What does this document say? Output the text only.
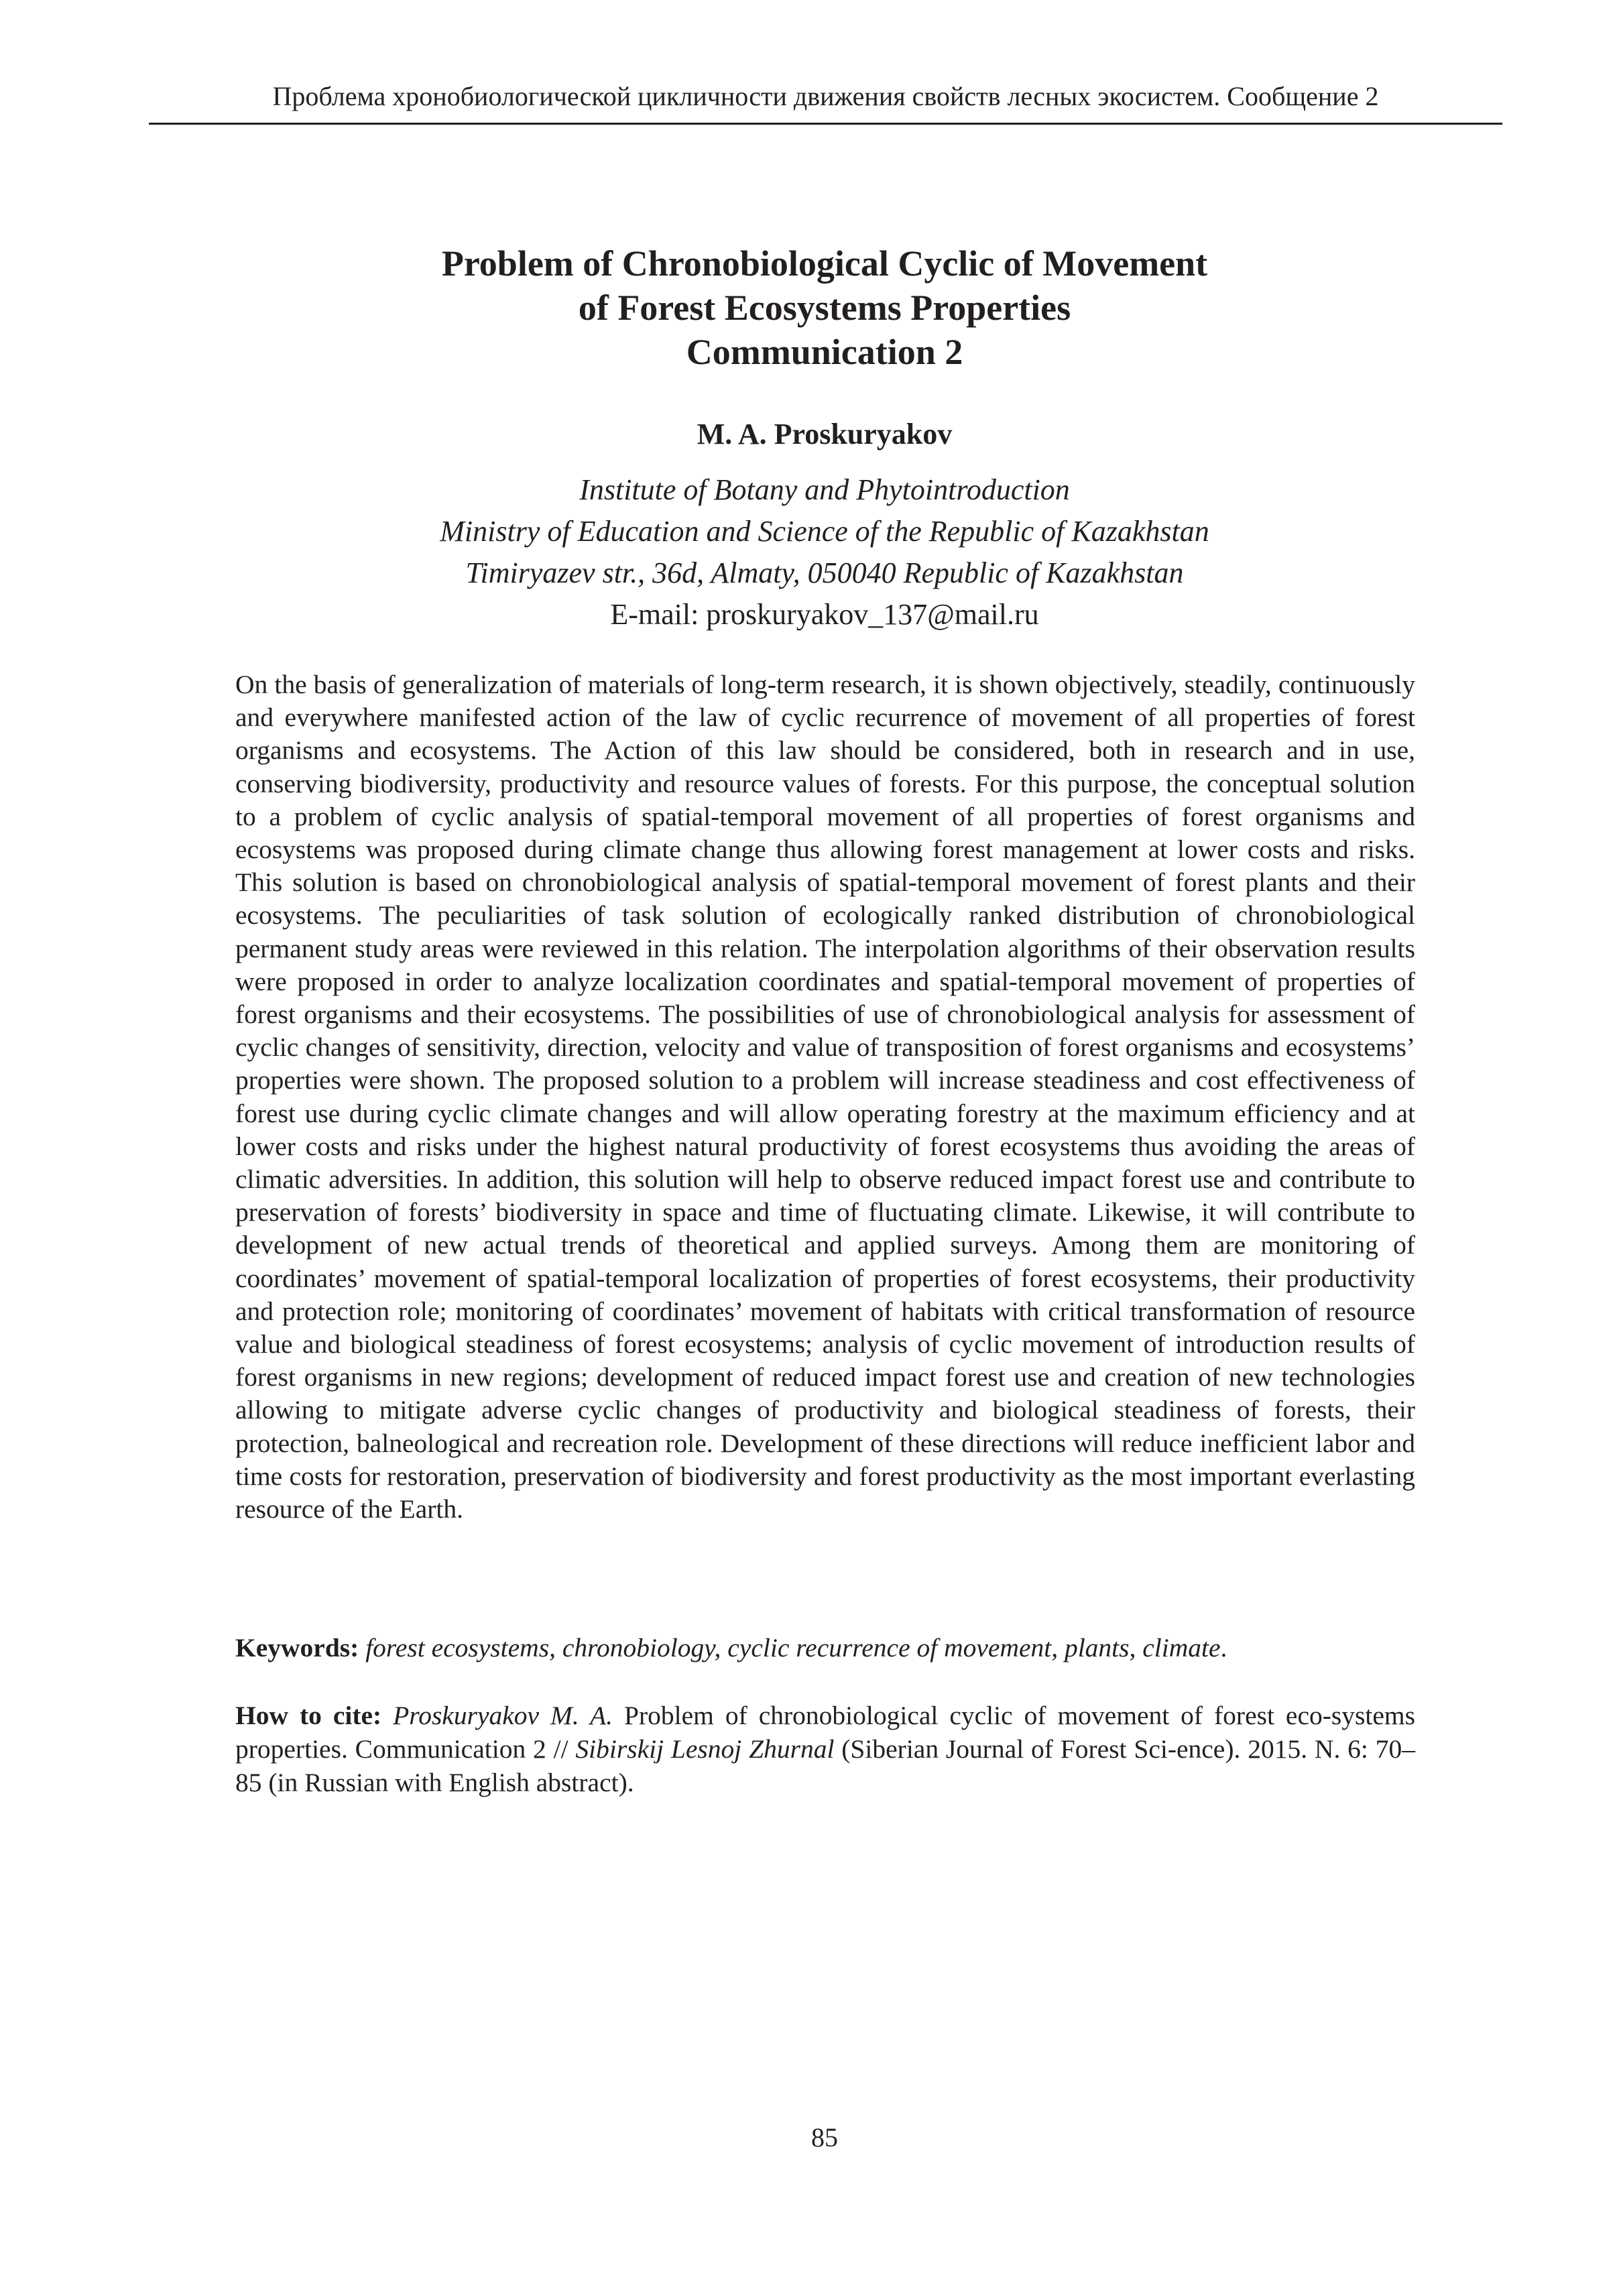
Проблема хронобиологической цикличности движения свойств лесных экосистем. Сообщение 2
Problem of Chronobiological Cyclic of Movement
of Forest Ecosystems Properties
Communication 2
M. A. Proskuryakov
Institute of Botany and Phytointroduction
Ministry of Education and Science of the Republic of Kazakhstan
Timiryazev str., 36d, Almaty, 050040 Republic of Kazakhstan
E-mail: proskuryakov_137@mail.ru

On the basis of generalization of materials of long-term research, it is shown objectively, steadily, continuously and everywhere manifested action of the law of cyclic recurrence of movement of all properties of forest organisms and ecosystems. The Action of this law should be considered, both in research and in use, conserving biodiversity, productivity and resource values of forests. For this purpose, the conceptual solution to a problem of cyclic analysis of spatial-temporal movement of all properties of forest organisms and ecosystems was proposed during climate change thus allowing forest management at lower costs and risks. This solution is based on chronobiological analysis of spatial-temporal movement of forest plants and their ecosystems. The peculiarities of task solution of ecologically ranked distribution of chronobiological permanent study areas were reviewed in this relation. The interpolation algorithms of their observation results were proposed in order to analyze localization coordinates and spatial-temporal movement of properties of forest organisms and their ecosystems. The possibilities of use of chronobiological analysis for assessment of cyclic changes of sensitivity, direction, velocity and value of transposition of forest organisms and ecosystems’ properties were shown. The proposed solution to a problem will increase steadiness and cost effectiveness of forest use during cyclic climate changes and will allow operating forestry at the maximum efficiency and at lower costs and risks under the highest natural productivity of forest ecosystems thus avoiding the areas of climatic adversities. In addition, this solution will help to observe reduced impact forest use and contribute to preservation of forests’ biodiversity in space and time of fluctuating climate. Likewise, it will contribute to development of new actual trends of theoretical and applied surveys. Among them are monitoring of coordinates’ movement of spatial-temporal localization of properties of forest ecosystems, their productivity and protection role; monitoring of coordinates’ movement of habitats with critical transformation of resource value and biological steadiness of forest ecosystems; analysis of cyclic movement of introduction results of forest organisms in new regions; development of reduced impact forest use and creation of new technologies allowing to mitigate adverse cyclic changes of productivity and biological steadiness of forests, their protection, balneological and recreation role. Development of these directions will reduce inefficient labor and time costs for restoration, preservation of biodiversity and forest productivity as the most important everlasting resource of the Earth.

Keywords: forest ecosystems, chronobiology, cyclic recurrence of movement, plants, climate.

How to cite: Proskuryakov M. A. Problem of chronobiological cyclic of movement of forest eco-systems properties. Communication 2 // Sibirskij Lesnoj Zhurnal (Siberian Journal of Forest Sci-ence). 2015. N. 6: 70–85 (in Russian with English abstract).

85
